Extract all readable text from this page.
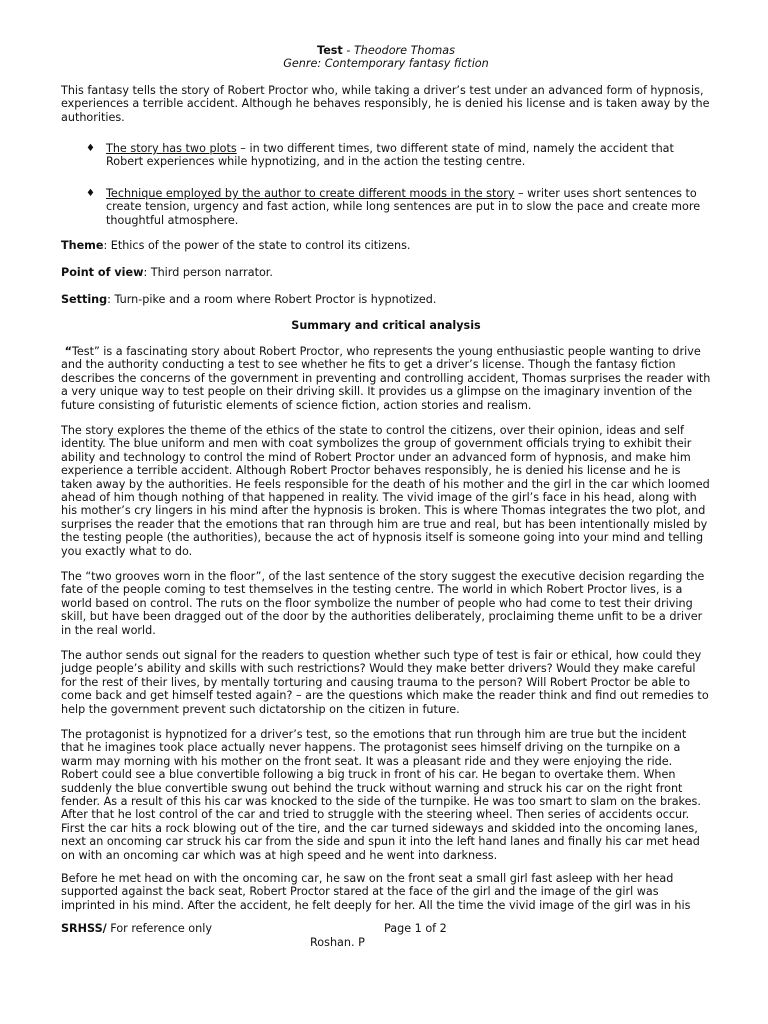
Test - Theodore Thomas

Genre: Contemporary fantasy fiction

This fantasy tells the story of Robert Proctor who, while taking a driver’s test under an advanced form of hypnosis, experiences a terrible accident. Although he behaves responsibly, he is denied his license and is taken away by the authorities.

♦ The story has two plots – in two different times, two different state of mind, namely the accident that Robert experiences while hypnotizing, and in the action the testing centre.
♦ Technique employed by the author to create different moods in the story – writer uses short sentences to create tension, urgency and fast action, while long sentences are put in to slow the pace and create more thoughtful atmosphere.

Theme: Ethics of the power of the state to control its citizens.

Point of view: Third person narrator.

Setting: Turn-pike and a room where Robert Proctor is hypnotized.

Summary and critical analysis

“Test” is a fascinating story about Robert Proctor, who represents the young enthusiastic people wanting to drive and the authority conducting a test to see whether he fits to get a driver’s license. Though the fantasy fiction describes the concerns of the government in preventing and controlling accident, Thomas surprises the reader with a very unique way to test people on their driving skill. It provides us a glimpse on the imaginary invention of the future consisting of futuristic elements of science fiction, action stories and realism.

The story explores the theme of the ethics of the state to control the citizens, over their opinion, ideas and self identity. The blue uniform and men with coat symbolizes the group of government officials trying to exhibit their ability and technology to control the mind of Robert Proctor under an advanced form of hypnosis, and make him experience a terrible accident. Although Robert Proctor behaves responsibly, he is denied his license and he is taken away by the authorities. He feels responsible for the death of his mother and the girl in the car which loomed ahead of him though nothing of that happened in reality. The vivid image of the girl’s face in his head, along with his mother’s cry lingers in his mind after the hypnosis is broken. This is where Thomas integrates the two plot, and surprises the reader that the emotions that ran through him are true and real, but has been intentionally misled by the testing people (the authorities), because the act of hypnosis itself is someone going into your mind and telling you exactly what to do.

The “two grooves worn in the floor”, of the last sentence of the story suggest the executive decision regarding the fate of the people coming to test themselves in the testing centre. The world in which Robert Proctor lives, is a world based on control. The ruts on the floor symbolize the number of people who had come to test their driving skill, but have been dragged out of the door by the authorities deliberately, proclaiming theme unfit to be a driver in the real world.

The author sends out signal for the readers to question whether such type of test is fair or ethical, how could they judge people’s ability and skills with such restrictions? Would they make better drivers? Would they make careful for the rest of their lives, by mentally torturing and causing trauma to the person? Will Robert Proctor be able to come back and get himself tested again? – are the questions which make the reader think and find out remedies to help the government prevent such dictatorship on the citizen in future.

The protagonist is hypnotized for a driver’s test, so the emotions that run through him are true but the incident that he imagines took place actually never happens. The protagonist sees himself driving on the turnpike on a warm may morning with his mother on the front seat. It was a pleasant ride and they were enjoying the ride. Robert could see a blue convertible following a big truck in front of his car. He began to overtake them. When suddenly the blue convertible swung out behind the truck without warning and struck his car on the right front fender. As a result of this his car was knocked to the side of the turnpike. He was too smart to slam on the brakes. After that he lost control of the car and tried to struggle with the steering wheel. Then series of accidents occur. First the car hits a rock blowing out of the tire, and the car turned sideways and skidded into the oncoming lanes, next an oncoming car struck his car from the side and spun it into the left hand lanes and finally his car met head on with an oncoming car which was at high speed and he went into darkness.

Before he met head on with the oncoming car, he saw on the front seat a small girl fast asleep with her head supported against the back seat, Robert Proctor stared at the face of the girl and the image of the girl was imprinted in his mind. After the accident, he felt deeply for her. All the time the vivid image of the girl was in his

SRHSS/ For reference only	Page 1 of 2

Roshan. P
